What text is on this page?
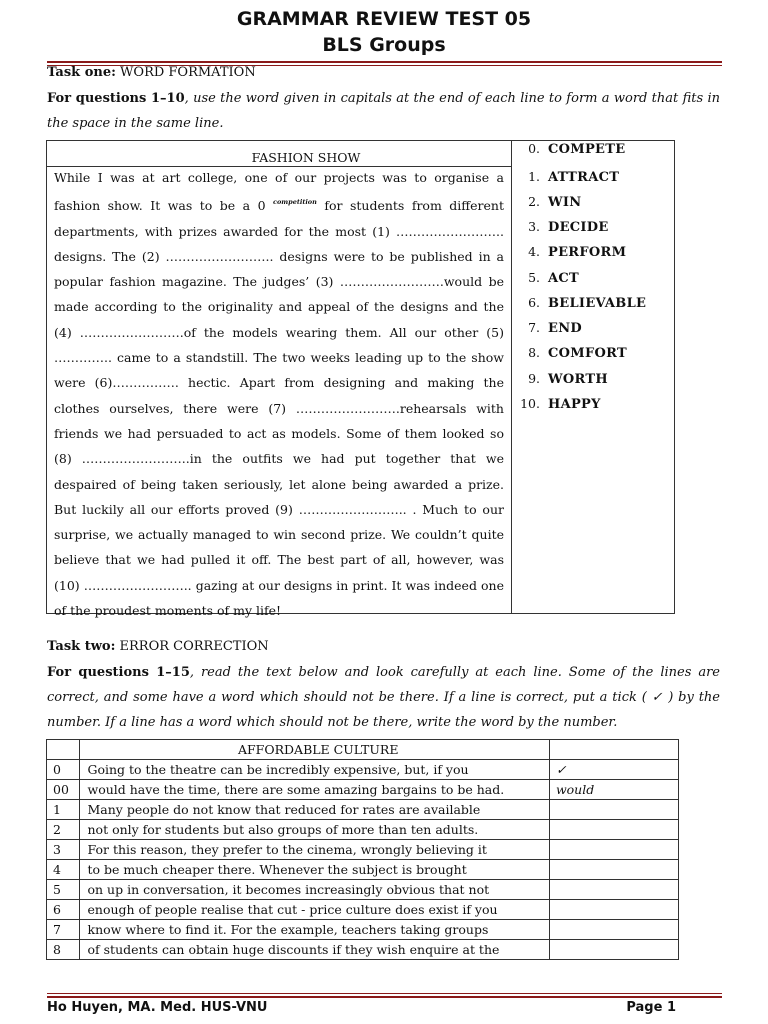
GRAMMAR REVIEW TEST 05
BLS Groups
Task one: WORD FORMATION
For questions 1–10, use the word given in capitals at the end of each line to form a word that fits in the space in the same line.
FASHION SHOW
While I was at art college, one of our projects was to organise a fashion show. It was to be a 0 $^{competition}$ for students from different departments, with prizes awarded for the most (1) …………………….. designs. The (2) …………………….. designs were to be published in a popular fashion magazine. The judges’ (3) …………………….would be made according to the originality and appeal of the designs and the (4) …………………….of the models wearing them. All our other (5) ………….. came to a standstill. The two weeks leading up to the show were (6)……………. hectic. Apart from designing and making the clothes ourselves, there were (7) …………………….rehearsals with friends we had persuaded to act as models. Some of them looked so (8) ……………………..in the outfits we had put together that we despaired of being taken seriously, let alone being awarded a prize. But luckily all our efforts proved (9) …………………….. . Much to our surprise, we actually managed to win second prize. We couldn’t quite believe that we had pulled it off. The best part of all, however, was (10) …………………….. gazing at our designs in print. It was indeed one of the proudest moments of my life!
0. COMPETE
1. ATTRACT
2. WIN
3. DECIDE
4. PERFORM
5. ACT
6. BELIEVABLE
7. END
8. COMFORT
9. WORTH
10. HAPPY
Task two: ERROR CORRECTION
For questions 1–15, read the text below and look carefully at each line. Some of the lines are correct, and some have a word which should not be there. If a line is correct, put a tick ( ✓ ) by the number. If a line has a word which should not be there, write the word by the number.
	AFFORDABLE CULTURE	
0	Going to the theatre can be incredibly expensive, but, if you	✓
00	would have the time, there are some amazing bargains to be had.	would
1	Many people do not know that reduced for rates are available	
2	not only for students but also groups of more than ten adults.	
3	For this reason, they prefer to the cinema, wrongly believing it	
4	to be much cheaper there. Whenever the subject is brought	
5	on up in conversation, it becomes increasingly obvious that not	
6	enough of people realise that cut - price culture does exist if you	
7	know where to find it. For the example, teachers taking groups	
8	of students can obtain huge discounts if they wish enquire at the	
Ho Huyen, MA. Med. HUS-VNU	Page 1
